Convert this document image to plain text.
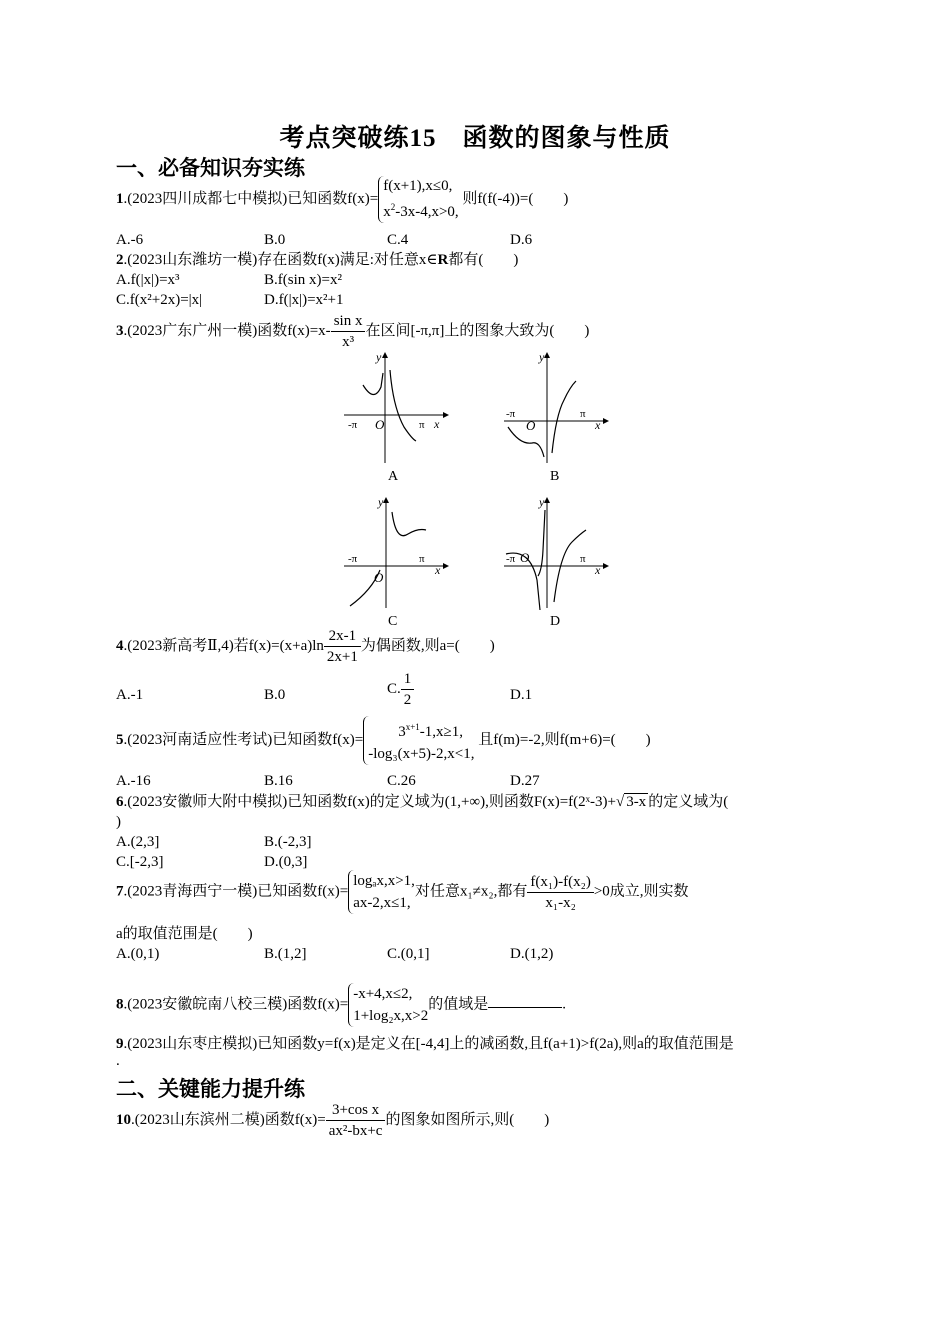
考点突破练15　函数的图象与性质
一、必备知识夯实练
1.(2023四川成都七中模拟)已知函数f(x)=
f(x+1),x≤0,
$x^2-3x-4,x>0$,
则f(f(-4))=(　　)
A.-6	B.0	C.4	D.6
2.(2023山东潍坊一模)存在函数f(x)满足:对任意x∈R都有(　　)
A.f(|x|)=x³	B.f(sin x)=x²
C.f(x²+2x)=|x|	D.f(|x|)=x²+1
3.(2023广东广州一模)函数$f(x)=x- \frac{\text{sin x}}{\text{x³}}$ 在区间[-π,π]上的图象大致为(　　)
y
x
O
-π	π
A
y
x
O
-π	π
B
y
x
O
-π	π
C
y
x
O
-π	π
D
4.(2023新高考Ⅱ,4)若$f(x)=(x+a)\ln \frac{2x-1}{2x+1}$ 为偶函数,则a=(　　)
A.-1	B.0	C. $\frac{1}{2}$	D.1
5.(2023河南适应性考试)已知函数f(x)=	$3^{x+1}-1,x\ge 1$,
-log₃(x+5)-2,x<1,
且f(m)=-2,则f(m+6)=(　　)
A.-16	B.16	C.26	D.27
6.(2023安徽师大附中模拟)已知函数f(x)的定义域为(1,+∞),则函数F(x)=f(2ˣ-3)+√ 3-x 的定义域为(
)
A.(2,3]	B.(-2,3]
C.[-2,3]	D.(0,3]
7.(2023青海西宁一模)已知函数f(x)=
logₐx,x>1,
ax-2,x≤1,
对任意x₁≠x₂,都有 $\frac{\text{f(x₁)-f(x₂)}}{\text{x₁-x₂}} >0$成立,则实数
a的取值范围是(　　)
A.(0,1)	B.(1,2]	C.(0,1]	D.(1,2)
8.(2023安徽皖南八校三模)函数f(x)=
-x+4,x≤2,
1+log₂x,x>2
的值域是	.
9.(2023山东枣庄模拟)已知函数y=f(x)是定义在[-4,4]上的减函数,且f(a+1)>f(2a),则a的取值范围是
.
二、关键能力提升练
10.(2023山东滨州二模)函数$f(x)= \frac{\text{3+cos x}}{\text{ax²-bx+c}}$ 的图象如图所示,则(　　)
